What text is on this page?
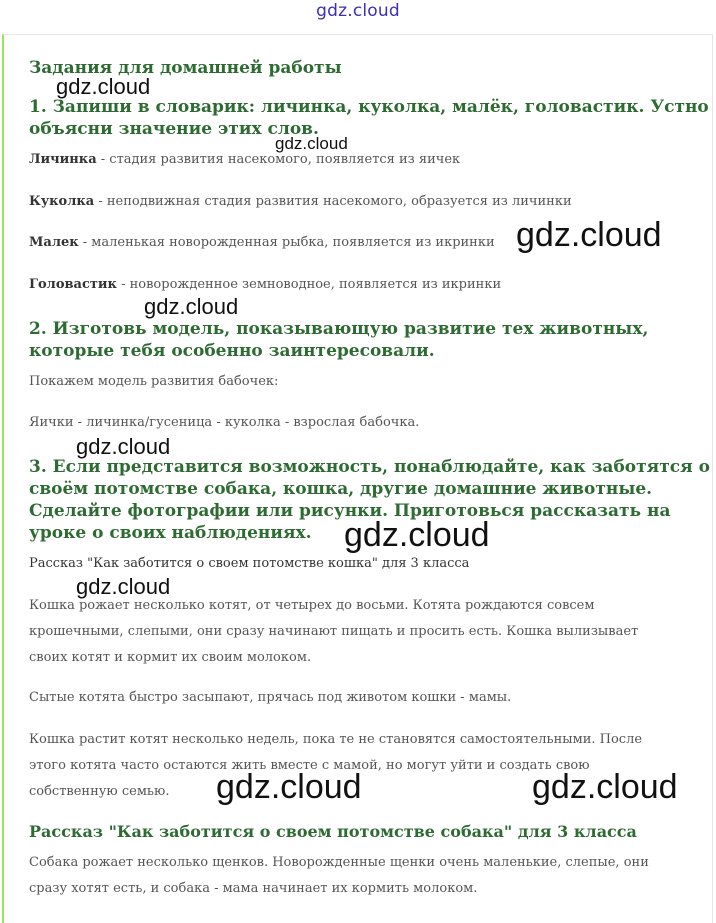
gdz.cloud
Задания для домашней работы
1. Запиши в словарик: личинка, куколка, малёк, головастик. Устно
объясни значение этих слов.
Личинка - стадия развития насекомого, появляется из яичек
Куколка - неподвижная стадия развития насекомого, образуется из личинки
Малек - маленькая новорожденная рыбка, появляется из икринки
Головастик - новорожденное земноводное, появляется из икринки
2. Изготовь модель, показывающую развитие тех животных,
которые тебя особенно заинтересовали.
Покажем модель развития бабочек:
Яички - личинка/гусеница - куколка - взрослая бабочка.
3. Если представится возможность, понаблюдайте, как заботятся о
своём потомстве собака, кошка, другие домашние животные.
Сделайте фотографии или рисунки. Приготовься рассказать на
уроке о своих наблюдениях.
Рассказ "Как заботится о своем потомстве кошка" для 3 класса
Кошка рожает несколько котят, от четырех до восьми. Котята рождаются совсем
крошечными, слепыми, они сразу начинают пищать и просить есть. Кошка вылизывает
своих котят и кормит их своим молоком.
Сытые котята быстро засыпают, прячась под животом кошки - мамы.
Кошка растит котят несколько недель, пока те не становятся самостоятельными. После
этого котята часто остаются жить вместе с мамой, но могут уйти и создать свою
собственную семью.
Рассказ "Как заботится о своем потомстве собака" для 3 класса
Собака рожает несколько щенков. Новорожденные щенки очень маленькие, слепые, они
сразу хотят есть, и собака - мама начинает их кормить молоком.
gdz.cloud
gdz.cloud
gdz.cloud
gdz.cloud
gdz.cloud
gdz.cloud
gdz.cloud
gdz.cloud	gdz.cloud
